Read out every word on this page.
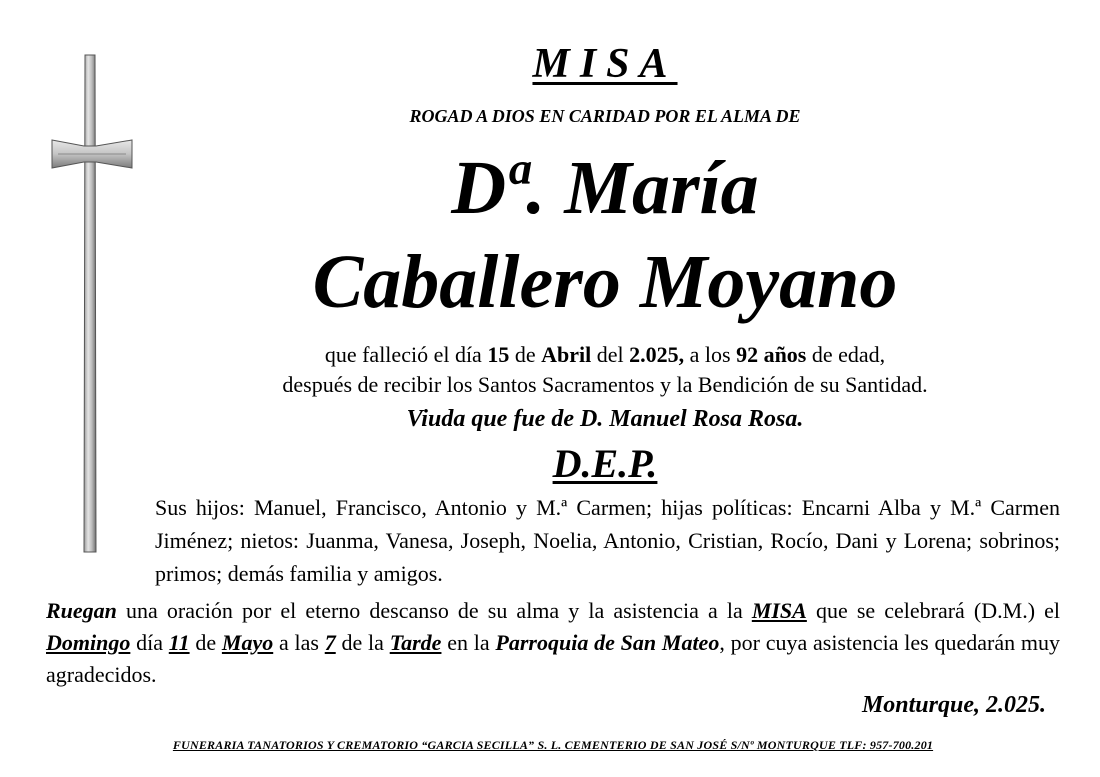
MISA
ROGAD A DIOS EN CARIDAD POR EL ALMA DE
Dª. María
Caballero Moyano
que falleció el día 15 de Abril del 2.025, a los 92 años de edad,
después de recibir los Santos Sacramentos y la Bendición de su Santidad.
Viuda que fue de D. Manuel Rosa Rosa.
D.E.P.
Sus hijos: Manuel, Francisco, Antonio y M.ª Carmen; hijas políticas: Encarni Alba y M.ª Carmen Jiménez; nietos: Juanma, Vanesa, Joseph, Noelia, Antonio, Cristian, Rocío, Dani y Lorena; sobrinos; primos; demás familia y amigos.
Ruegan una oración por el eterno descanso de su alma y la asistencia a la MISA que se celebrará (D.M.) el Domingo día 11 de Mayo a las 7 de la Tarde en la Parroquia de San Mateo, por cuya asistencia les quedarán muy agradecidos.
Monturque, 2.025.
FUNERARIA TANATORIOS Y CREMATORIO “GARCIA SECILLA” S. L. CEMENTERIO DE SAN JOSÉ S/Nº MONTURQUE TLF: 957-700.201
